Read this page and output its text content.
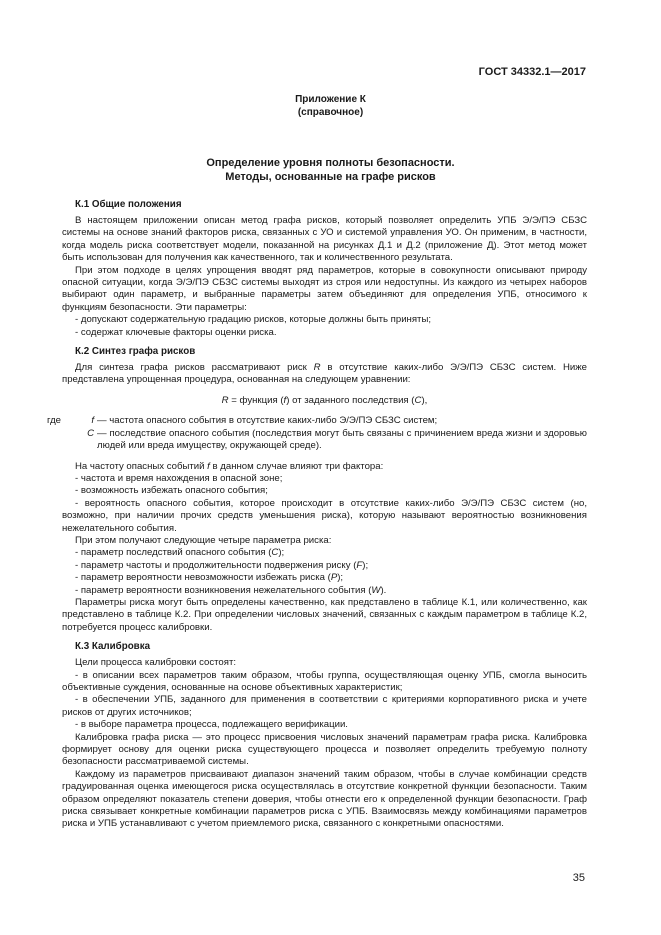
ГОСТ 34332.1—2017
Приложение К
(справочное)
Определение уровня полноты безопасности.
Методы, основанные на графе рисков

К.1 Общие положения

В настоящем приложении описан метод графа рисков, который позволяет определить УПБ Э/Э/ПЭ СБЗС системы на основе знаний факторов риска, связанных с УО и системой управления УО. Он применим, в частности, когда модель риска соответствует модели, показанной на рисунках Д.1 и Д.2 (приложение Д). Этот метод может быть использован для получения как качественного, так и количественного результата.

При этом подходе в целях упрощения вводят ряд параметров, которые в совокупности описывают природу опасной ситуации, когда Э/Э/ПЭ СБЗС системы выходят из строя или недоступны. Из каждого из четырех наборов выбирают один параметр, и выбранные параметры затем объединяют для определения УПБ, относимого к функциям безопасности. Эти параметры:

- допускают содержательную градацию рисков, которые должны быть приняты;

- содержат ключевые факторы оценки риска.

К.2 Синтез графа рисков

Для синтеза графа рисков рассматривают риск R в отсутствие каких-либо Э/Э/ПЭ СБЗС систем. Ниже представлена упрощенная процедура, основанная на следующем уравнении:

R = функция (f) от заданного последствия (C),

где	f — частота опасного события в отсутствие каких-либо Э/Э/ПЭ СБЗС систем;
C — последствие опасного события (последствия могут быть связаны с причинением вреда жизни и здоровью людей или вреда имуществу, окружающей среде).

На частоту опасных событий f в данном случае влияют три фактора:

- частота и время нахождения в опасной зоне;

- возможность избежать опасного события;

- вероятность опасного события, которое происходит в отсутствие каких-либо Э/Э/ПЭ СБЗС систем (но, возможно, при наличии прочих средств уменьшения риска), которую называют вероятностью возникновения нежелательного события.

При этом получают следующие четыре параметра риска:

- параметр последствий опасного события (C);

- параметр частоты и продолжительности подвержения риску (F);

- параметр вероятности невозможности избежать риска (P);

- параметр вероятности возникновения нежелательного события (W).

Параметры риска могут быть определены качественно, как представлено в таблице К.1, или количественно, как представлено в таблице К.2. При определении числовых значений, связанных с каждым параметром в таблице К.2, потребуется процесс калибровки.

К.3 Калибровка

Цели процесса калибровки состоят:

- в описании всех параметров таким образом, чтобы группа, осуществляющая оценку УПБ, смогла выносить объективные суждения, основанные на основе объективных характеристик;

- в обеспечении УПБ, заданного для применения в соответствии с критериями корпоративного риска и учете рисков от других источников;

- в выборе параметра процесса, подлежащего верификации.

Калибровка графа риска — это процесс присвоения числовых значений параметрам графа риска. Калибровка формирует основу для оценки риска существующего процесса и позволяет определить требуемую полноту безопасности рассматриваемой системы.

Каждому из параметров присваивают диапазон значений таким образом, чтобы в случае комбинации средств градуированная оценка имеющегося риска осуществлялась в отсутствие конкретной функции безопасности. Таким образом определяют показатель степени доверия, чтобы отнести его к определенной функции безопасности. Граф риска связывает конкретные комбинации параметров риска с УПБ. Взаимосвязь между комбинациями параметров риска и УПБ устанавливают с учетом приемлемого риска, связанного с конкретными опасностями.

35
